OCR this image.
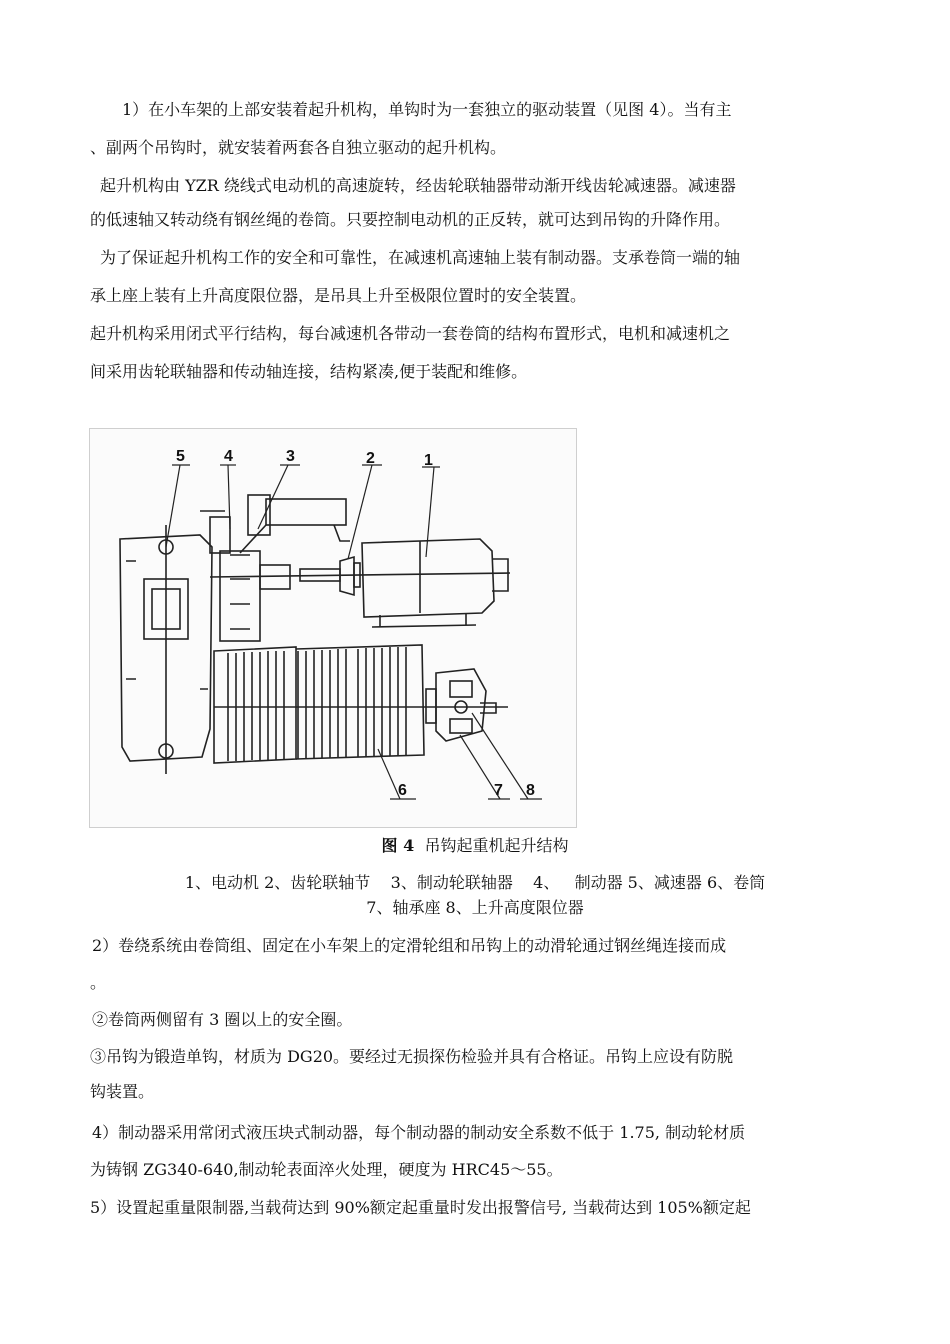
1）在小车架的上部安装着起升机构，单钩时为一套独立的驱动装置（见图 4）。当有主
、副两个吊钩时，就安装着两套各自独立驱动的起升机构。
起升机构由 YZR 绕线式电动机的高速旋转，经齿轮联轴器带动渐开线齿轮减速器。减速器
的低速轴又转动绕有钢丝绳的卷筒。只要控制电动机的正反转，就可达到吊钩的升降作用。
为了保证起升机构工作的安全和可靠性，在减速机高速轴上装有制动器。支承卷筒一端的轴
承上座上装有上升高度限位器，是吊具上升至极限位置时的安全装置。
起升机构采用闭式平行结构，每台减速机各带动一套卷筒的结构布置形式，电机和减速机之
间采用齿轮联轴器和传动轴连接，结构紧凑,便于装配和维修。
5 4	3	2	1
6	7 8
图 4 吊钩起重机起升结构
1、电动机 2、齿轮联轴节    3、制动轮联轴器    4、   制动器 5、减速器 6、卷筒
7、轴承座 8、上升高度限位器
2）卷绕系统由卷筒组、固定在小车架上的定滑轮组和吊钩上的动滑轮通过钢丝绳连接而成
。
②卷筒两侧留有 3 圈以上的安全圈。
③吊钩为锻造单钩，材质为 DG20。要经过无损探伤检验并具有合格证。吊钩上应设有防脱
钩装置。
4）制动器采用常闭式液压块式制动器，每个制动器的制动安全系数不低于 1.75, 制动轮材质
为铸钢 ZG340-640,制动轮表面淬火处理，硬度为 HRC45～55。
5）设置起重量限制器,当载荷达到 90%额定起重量时发出报警信号, 当载荷达到 105%额定起
